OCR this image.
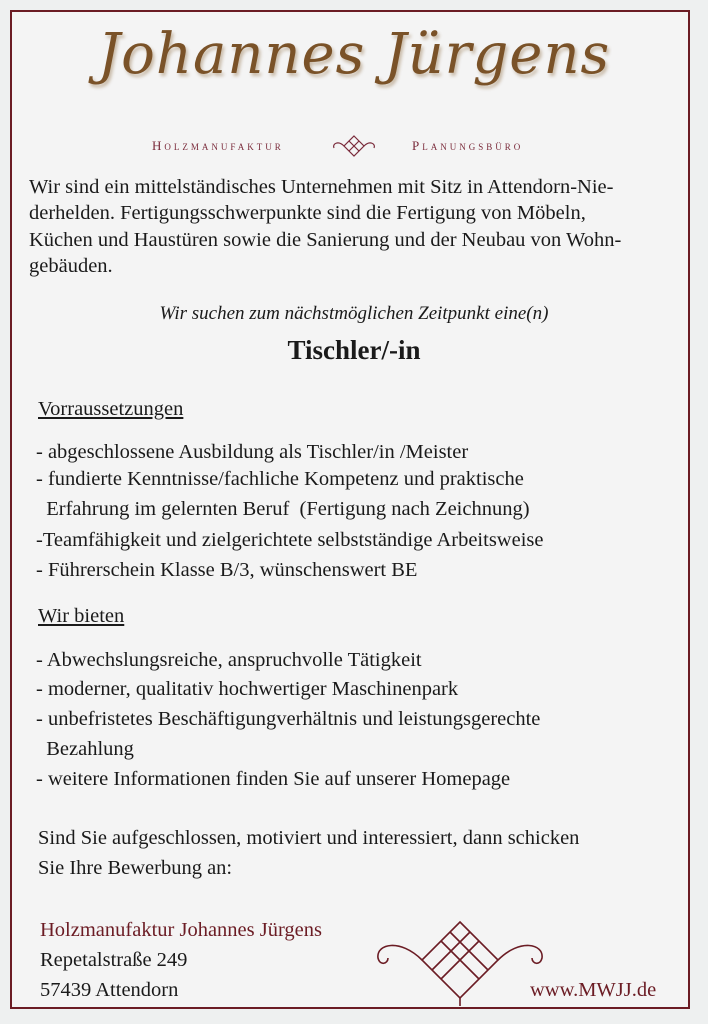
Johannes Jürgens
Holzmanufaktur	Planungsbüro
Wir sind ein mittelständisches Unternehmen mit Sitz in Attendorn-Nie-
derhelden. Fertigungsschwerpunkte sind die Fertigung von Möbeln,
Küchen und Haustüren sowie die Sanierung und der Neubau von Wohn-
gebäuden.
Wir suchen zum nächstmöglichen Zeitpunkt eine(n)
Tischler/-in
Vorraussetzungen
- abgeschlossene Ausbildung als Tischler/in /Meister
- fundierte Kenntnisse/fachliche Kompetenz und praktische
Erfahrung im gelernten Beruf  (Fertigung nach Zeichnung)
-Teamfähigkeit und zielgerichtete selbstständige Arbeitsweise
- Führerschein Klasse B/3, wünschenswert BE
Wir bieten
- Abwechslungsreiche, anspruchvolle Tätigkeit
- moderner, qualitativ hochwertiger Maschinenpark
- unbefristetes Beschäftigungverhältnis und leistungsgerechte
Bezahlung
- weitere Informationen finden Sie auf unserer Homepage
Sind Sie aufgeschlossen, motiviert und interessiert, dann schicken
Sie Ihre Bewerbung an:
Holzmanufaktur Johannes Jürgens
Repetalstraße 249
57439 Attendorn	www.MWJJ.de
